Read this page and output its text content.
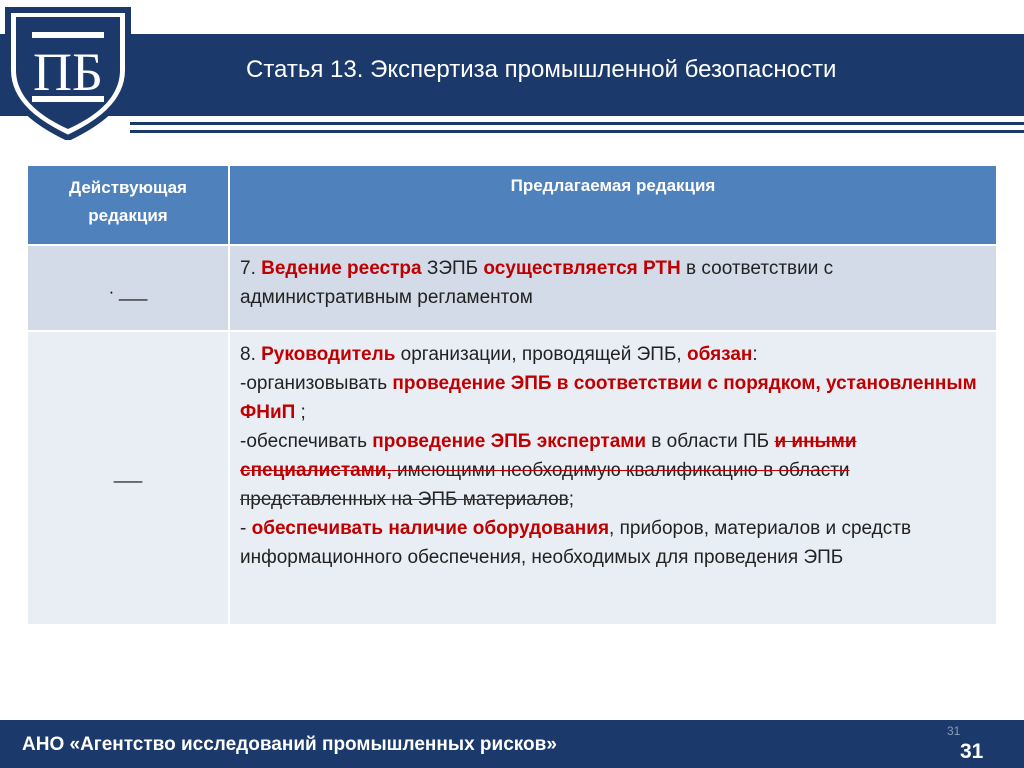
Статья 13. Экспертиза промышленной безопасности
ПБ
Действующая
редакция	Предлагаемая редакция

· ___	7. Ведение реестра ЗЭПБ осуществляется РТН в соответствии с административным регламентом

___	8. Руководитель организации, проводящей ЭПБ, обязан:
-организовывать проведение ЭПБ в соответствии с порядком, установленным ФНиП ;
-обеспечивать проведение ЭПБ экспертами в области ПБ и иными специалистами, имеющими необходимую квалификацию в области представленных на ЭПБ материалов;
- обеспечивать наличие оборудования, приборов, материалов и средств информационного обеспечения, необходимых для проведения ЭПБ
АНО «Агентство исследований промышленных рисков»
31
31
